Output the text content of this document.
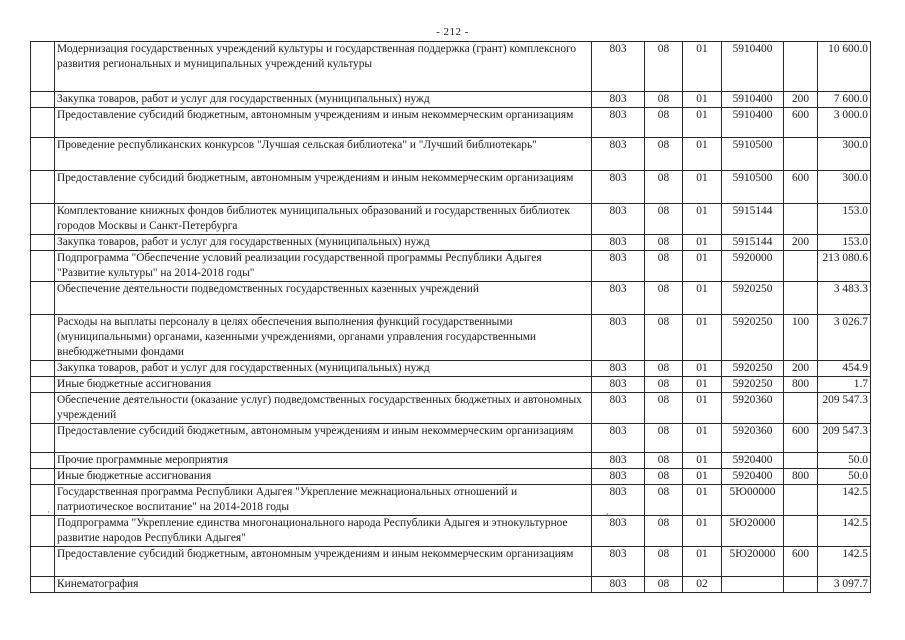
- 212 -
	Модернизация государственных учреждений культуры и государственная поддержка (грант) комплексного развития региональных и муниципальных учреждений культуры	803	08	01	5910400		10 600.0
	Закупка товаров, работ и услуг для государственных (муниципальных) нужд	803	08	01	5910400	200	7 600.0
	Предоставление субсидий бюджетным, автономным учреждениям и иным некоммерческим организациям	803	08	01	5910400	600	3 000.0
	Проведение республиканских конкурсов "Лучшая сельская библиотека" и "Лучший библиотекарь"	803	08	01	5910500		300.0
	Предоставление субсидий бюджетным, автономным учреждениям и иным некоммерческим организациям	803	08	01	5910500	600	300.0
	Комплектование книжных фондов библиотек муниципальных образований и государственных библиотек городов Москвы и Санкт-Петербурга	803	08	01	5915144		153.0
	Закупка товаров, работ и услуг для государственных (муниципальных) нужд	803	08	01	5915144	200	153.0
	Подпрограмма "Обеспечение условий реализации государственной программы Республики Адыгея "Развитие культуры" на 2014-2018 годы"	803	08	01	5920000		213 080.6
	Обеспечение деятельности подведомственных государственных казенных учреждений	803	08	01	5920250		3 483.3
	Расходы на выплаты персоналу в целях обеспечения выполнения функций государственными (муниципальными) органами, казенными учреждениями, органами управления государственными внебюджетными фондами	803	08	01	5920250	100	3 026.7
	Закупка товаров, работ и услуг для государственных (муниципальных) нужд	803	08	01	5920250	200	454.9
	Иные бюджетные ассигнования	803	08	01	5920250	800	1.7
	Обеспечение деятельности (оказание услуг) подведомственных государственных бюджетных и автономных учреждений	803	08	01	5920360		209 547.3
	Предоставление субсидий бюджетным, автономным учреждениям и иным некоммерческим организациям	803	08	01	5920360	600	209 547.3
	Прочие программные мероприятия	803	08	01	5920400		50.0
	Иные бюджетные ассигнования	803	08	01	5920400	800	50.0
	Государственная программа Республики Адыгея "Укрепление межнациональных отношений и патриотическое воспитание" на 2014-2018 годы	803	08	01	5Ю00000		142.5
	Подпрограмма "Укрепление единства многонационального народа Республики Адыгея и этнокультурное развитие народов Республики Адыгея"	803	08	01	5Ю20000		142.5
	Предоставление субсидий бюджетным, автономным учреждениям и иным некоммерческим организациям	803	08	01	5Ю20000	600	142.5
	Кинематография	803	08	02			3 097.7
·	‹
